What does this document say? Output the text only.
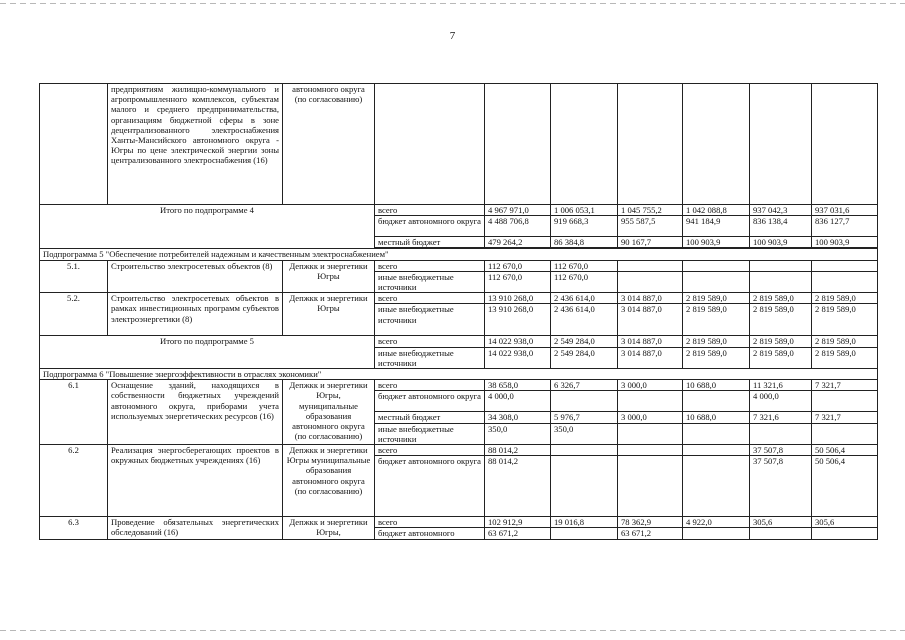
7
	предприятиям жилищно-коммунального и агропромышленного комплексов, субъектам малого и среднего предпринимательства, организациям бюджетной сферы в зоне децентрализованного электроснабжения Ханты-Мансийского автономного округа - Югры по цене электрической энергии зоны централизованного электроснабжения (16)	автономного округа (по согласованию)							
Итого по подпрограмме 4			всего	4 967 971,0	1 006 053,1	1 045 755,2	1 042 088,8	937 042,3	937 031,6
			бюджет автономного округа	4 488 706,8	919 668,3	955 587,5	941 184,9	836 138,4	836 127,7
			местный бюджет	479 264,2	86 384,8	90 167,7	100 903,9	100 903,9	100 903,9

Подпрограмма 5 "Обеспечение потребителей надежным и качественным электроснабжением"									
5.1.	Строительство электросетевых объектов (8)	Депжкк и энергетики Югры	всего	112 670,0	112 670,0				
			иные внебюджетные источники	112 670,0	112 670,0				
5.2.	Строительство электросетевых объектов в рамках инвестиционных программ субъектов электроэнергетики (8)	Депжкк и энергетики Югры	всего	13 910 268,0	2 436 614,0	3 014 887,0	2 819 589,0	2 819 589,0	2 819 589,0
			иные внебюджетные источники	13 910 268,0	2 436 614,0	3 014 887,0	2 819 589,0	2 819 589,0	2 819 589,0
Итого по подпрограмме 5			всего	14 022 938,0	2 549 284,0	3 014 887,0	2 819 589,0	2 819 589,0	2 819 589,0
			иные внебюджетные источники	14 022 938,0	2 549 284,0	3 014 887,0	2 819 589,0	2 819 589,0	2 819 589,0
Подпрограмма 6 "Повышение энергоэффективности в отраслях экономики"									
6.1	Оснащение зданий, находящихся в собственности бюджетных учреждений автономного округа, приборами учета используемых энергетических ресурсов (16)	Депжкк и энергетики Югры, муниципальные образования автономного округа (по согласованию)	всего	38 658,0	6 326,7	3 000,0	10 688,0	11 321,6	7 321,7
			бюджет автономного округа	4 000,0				4 000,0	
			местный бюджет	34 308,0	5 976,7	3 000,0	10 688,0	7 321,6	7 321,7
			иные внебюджетные источники	350,0	350,0				
6.2	Реализация энергосберегающих проектов в окружных бюджетных учреждениях (16)	Депжкк и энергетики Югры муниципальные образования автономного округа (по согласованию)	всего	88 014,2				37 507,8	50 506,4
			бюджет автономного округа	88 014,2				37 507,8	50 506,4
6.3	Проведение обязательных энергетических обследований (16)	Депжкк и энергетики Югры,	всего	102 912,9	19 016,8	78 362,9	4 922,0	305,6	305,6
			бюджет автономного	63 671,2		63 671,2			
